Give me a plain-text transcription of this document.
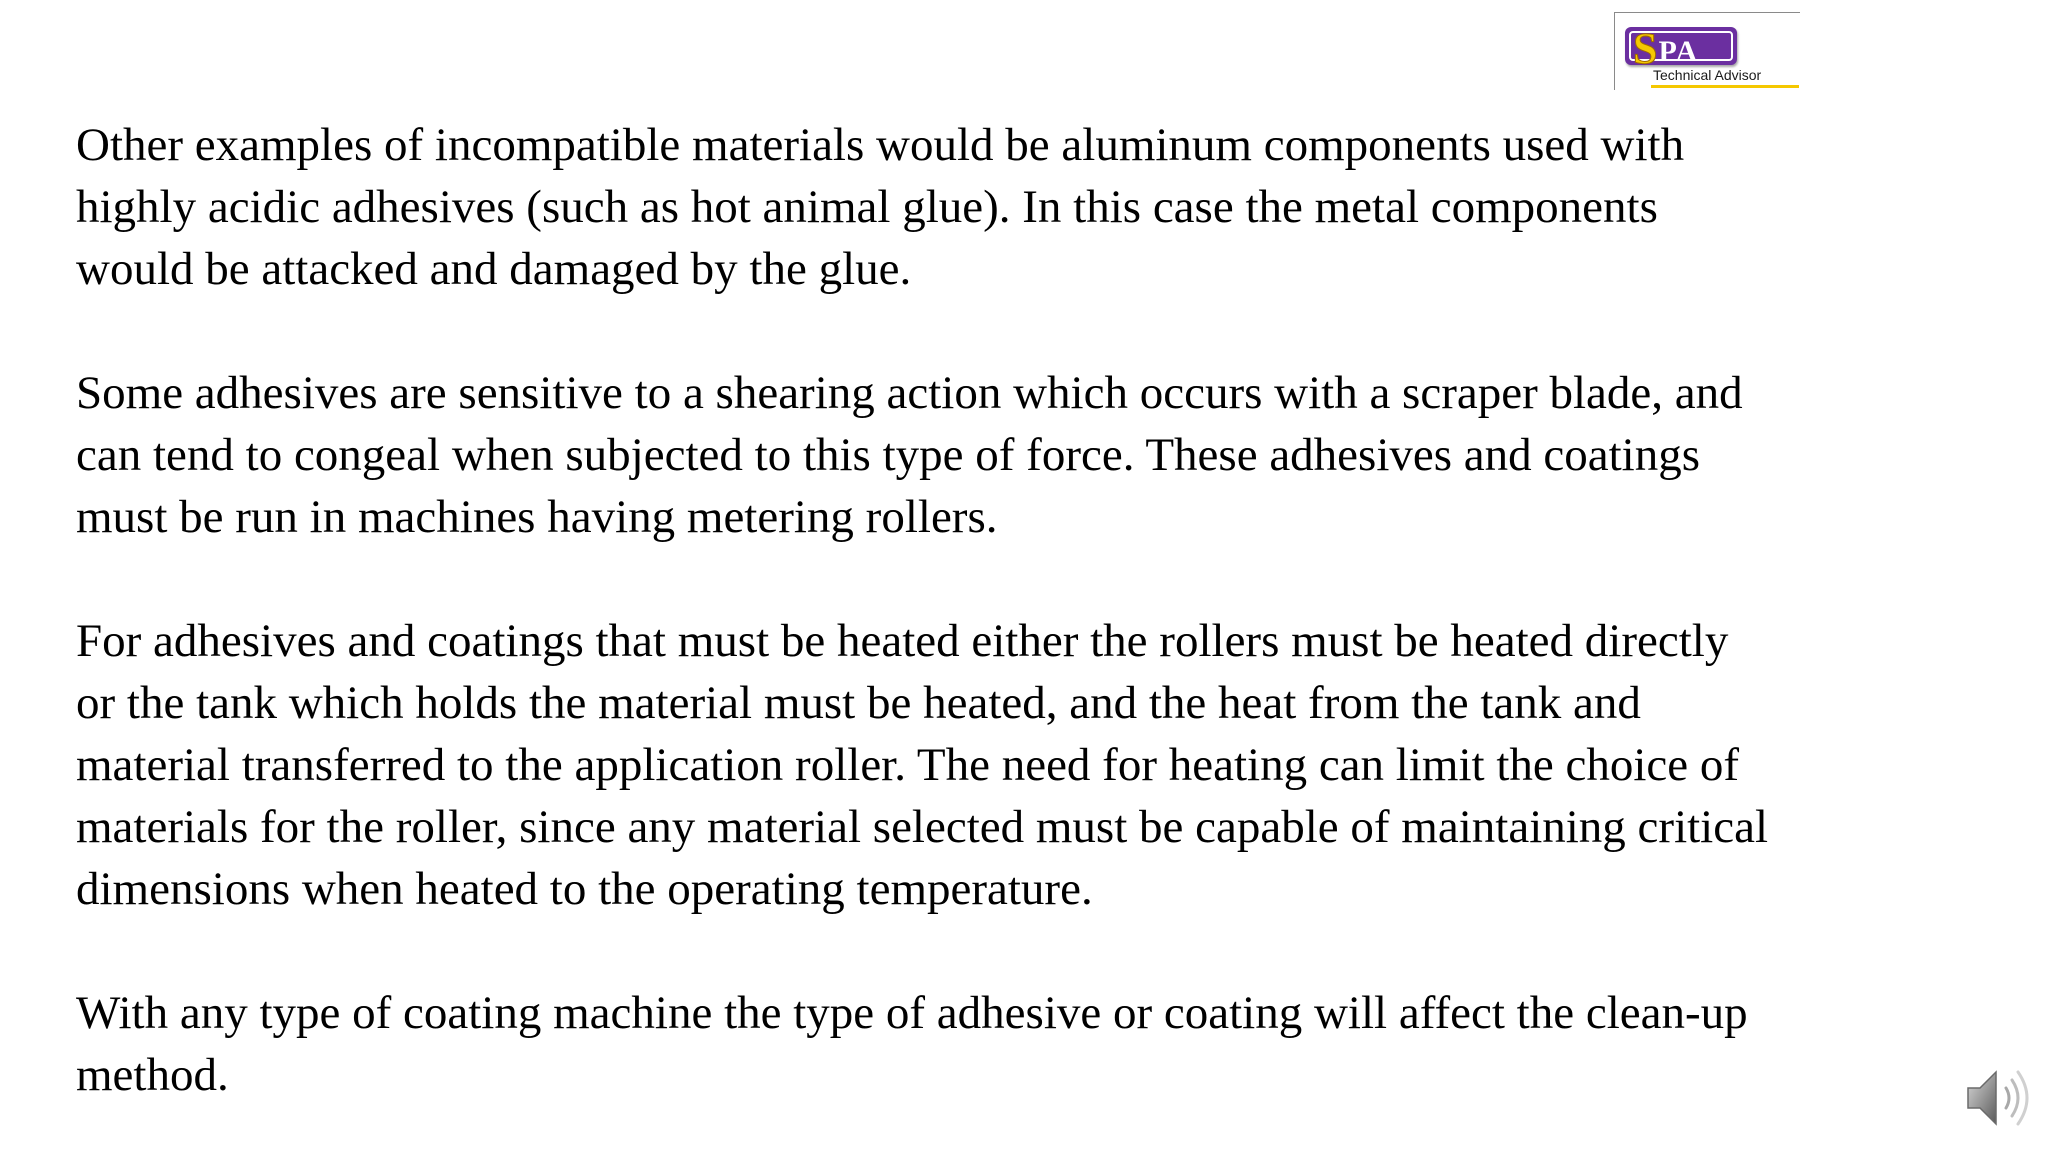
SPA
Technical Advisor

Other examples of incompatible materials would be aluminum components used with
highly acidic adhesives (such as hot animal glue). In this case the metal components
would be attacked and damaged by the glue.

Some adhesives are sensitive to a shearing action which occurs with a scraper blade, and
can tend to congeal when subjected to this type of force. These adhesives and coatings
must be run in machines having metering rollers.

For adhesives and coatings that must be heated either the rollers must be heated directly
or the tank which holds the material must be heated, and the heat from the tank and
material transferred to the application roller. The need for heating can limit the choice of
materials for the roller, since any material selected must be capable of maintaining critical
dimensions when heated to the operating temperature.

With any type of coating machine the type of adhesive or coating will affect the clean-up
method.
